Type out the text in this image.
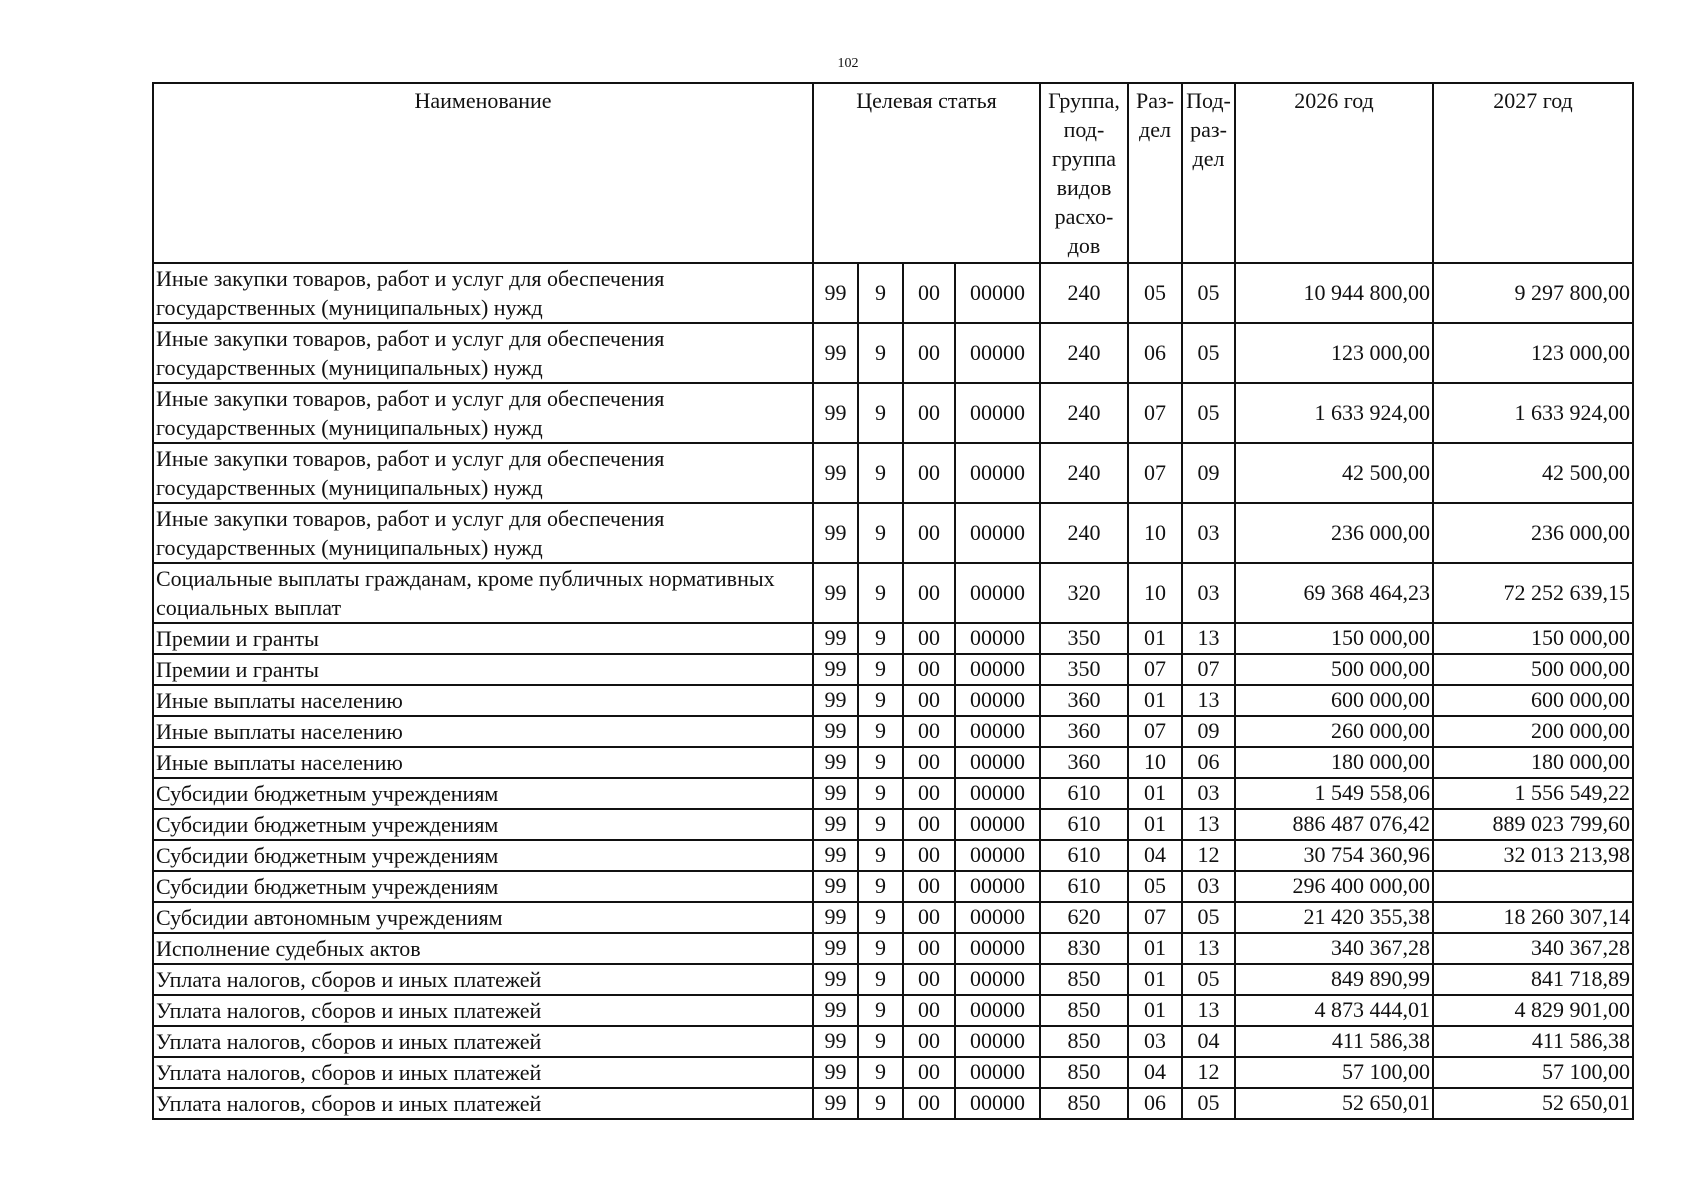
102
Наименование	Целевая статья				Группа, под-группа видов расхо-дов	Раз-дел	Под-раз-дел	2026 год	2027 год
Иные закупки товаров, работ и услуг для обеспечения государственных (муниципальных) нужд	99	9	00	00000	240	05	05	10 944 800,00	9 297 800,00
Иные закупки товаров, работ и услуг для обеспечения государственных (муниципальных) нужд	99	9	00	00000	240	06	05	123 000,00	123 000,00
Иные закупки товаров, работ и услуг для обеспечения государственных (муниципальных) нужд	99	9	00	00000	240	07	05	1 633 924,00	1 633 924,00
Иные закупки товаров, работ и услуг для обеспечения государственных (муниципальных) нужд	99	9	00	00000	240	07	09	42 500,00	42 500,00
Иные закупки товаров, работ и услуг для обеспечения государственных (муниципальных) нужд	99	9	00	00000	240	10	03	236 000,00	236 000,00
Социальные выплаты гражданам, кроме публичных нормативных социальных выплат	99	9	00	00000	320	10	03	69 368 464,23	72 252 639,15
Премии и гранты	99	9	00	00000	350	01	13	150 000,00	150 000,00
Премии и гранты	99	9	00	00000	350	07	07	500 000,00	500 000,00
Иные выплаты населению	99	9	00	00000	360	01	13	600 000,00	600 000,00
Иные выплаты населению	99	9	00	00000	360	07	09	260 000,00	200 000,00
Иные выплаты населению	99	9	00	00000	360	10	06	180 000,00	180 000,00
Субсидии бюджетным учреждениям	99	9	00	00000	610	01	03	1 549 558,06	1 556 549,22
Субсидии бюджетным учреждениям	99	9	00	00000	610	01	13	886 487 076,42	889 023 799,60
Субсидии бюджетным учреждениям	99	9	00	00000	610	04	12	30 754 360,96	32 013 213,98
Субсидии бюджетным учреждениям	99	9	00	00000	610	05	03	296 400 000,00	
Субсидии автономным учреждениям	99	9	00	00000	620	07	05	21 420 355,38	18 260 307,14
Исполнение судебных актов	99	9	00	00000	830	01	13	340 367,28	340 367,28
Уплата налогов, сборов и иных платежей	99	9	00	00000	850	01	05	849 890,99	841 718,89
Уплата налогов, сборов и иных платежей	99	9	00	00000	850	01	13	4 873 444,01	4 829 901,00
Уплата налогов, сборов и иных платежей	99	9	00	00000	850	03	04	411 586,38	411 586,38
Уплата налогов, сборов и иных платежей	99	9	00	00000	850	04	12	57 100,00	57 100,00
Уплата налогов, сборов и иных платежей	99	9	00	00000	850	06	05	52 650,01	52 650,01
